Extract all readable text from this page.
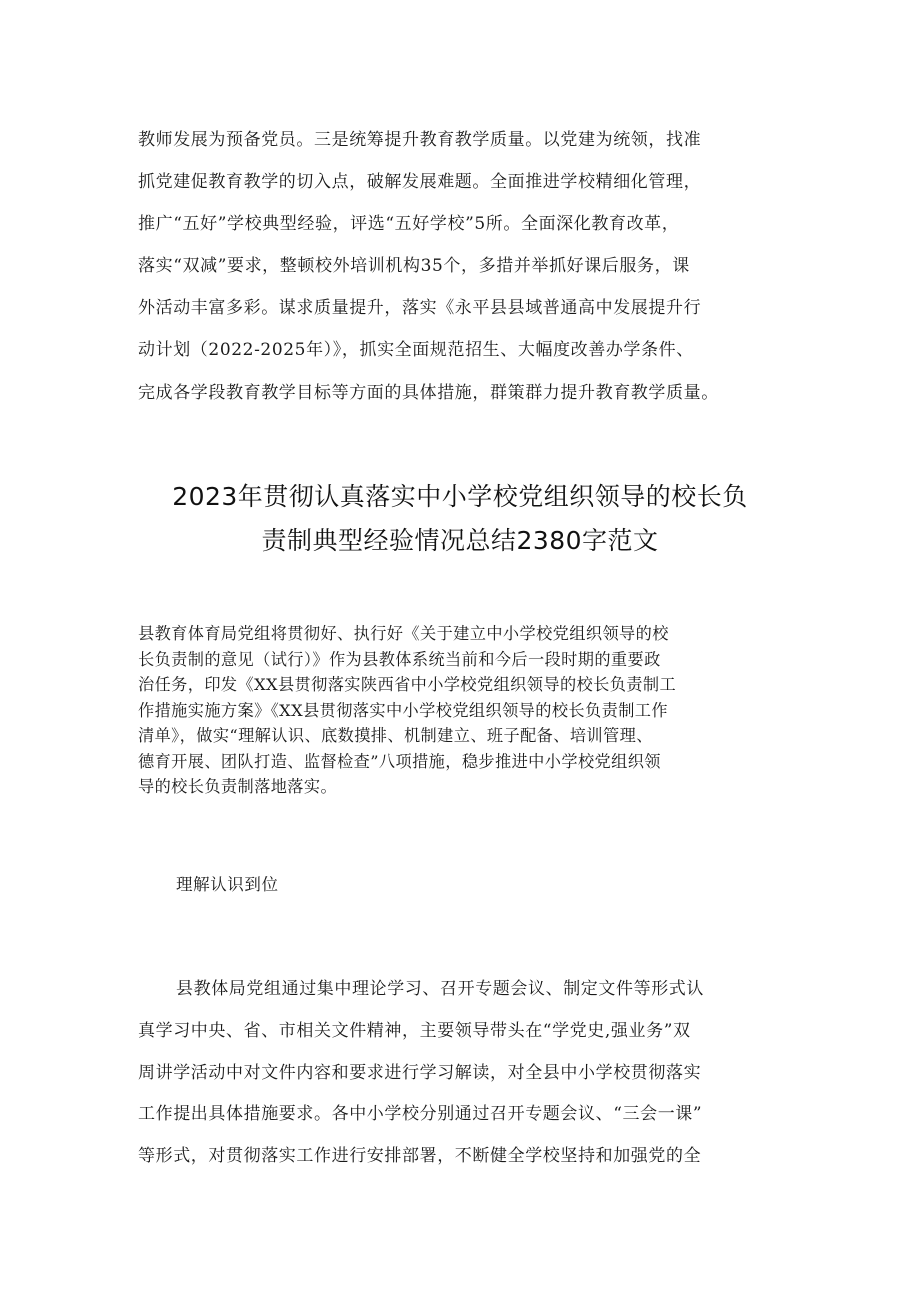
教师发展为预备党员。三是统筹提升教育教学质量。以党建为统领，找准
抓党建促教育教学的切入点，破解发展难题。全面推进学校精细化管理，
推广“五好”学校典型经验，评选“五好学校”5所。全面深化教育改革，
落实“双减”要求，整顿校外培训机构35个，多措并举抓好课后服务，课
外活动丰富多彩。谋求质量提升，落实《永平县县域普通高中发展提升行
动计划（2022-2025年）》，抓实全面规范招生、大幅度改善办学条件、
完成各学段教育教学目标等方面的具体措施，群策群力提升教育教学质量。
2023年贯彻认真落实中小学校党组织领导的校长负
责制典型经验情况总结2380字范文
县教育体育局党组将贯彻好、执行好《关于建立中小学校党组织领导的校
长负责制的意见（试行）》作为县教体系统当前和今后一段时期的重要政
治任务，印发《XX县贯彻落实陕西省中小学校党组织领导的校长负责制工
作措施实施方案》《XX县贯彻落实中小学校党组织领导的校长负责制工作
清单》，做实“理解认识、底数摸排、机制建立、班子配备、培训管理、
德育开展、团队打造、监督检查”八项措施，稳步推进中小学校党组织领
导的校长负责制落地落实。
理解认识到位
县教体局党组通过集中理论学习、召开专题会议、制定文件等形式认
真学习中央、省、市相关文件精神，主要领导带头在“学党史,强业务”双
周讲学活动中对文件内容和要求进行学习解读，对全县中小学校贯彻落实
工作提出具体措施要求。各中小学校分别通过召开专题会议、“三会一课”
等形式，对贯彻落实工作进行安排部署，不断健全学校坚持和加强党的全
